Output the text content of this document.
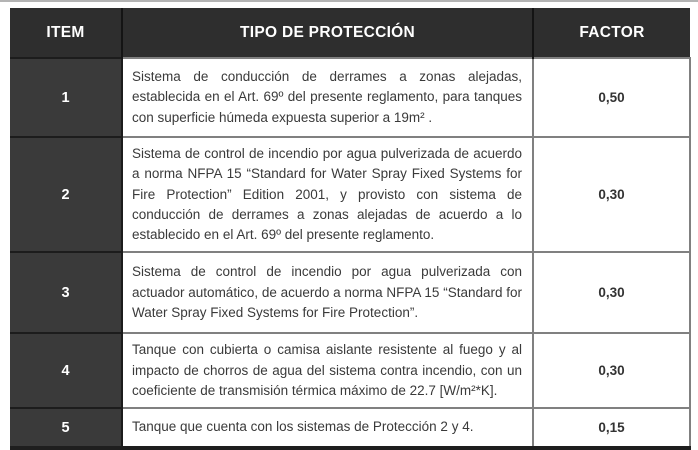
ITEM	TIPO DE PROTECCIÓN	FACTOR
1	Sistema de conducción de derrames a zonas alejadas, establecida en el Art. 69º del presente reglamento, para tanques con superficie húmeda expuesta superior a 19m² .	0,50
2	Sistema de control de incendio por agua pulverizada de acuerdo a norma NFPA 15 “Standard for Water Spray Fixed Systems for Fire Protection” Edition 2001, y provisto con sistema de conducción de derrames a zonas alejadas de acuerdo a lo establecido en el Art. 69º del presente reglamento.	0,30
3	Sistema de control de incendio por agua pulverizada con actuador automático, de acuerdo a norma NFPA 15 “Standard for Water Spray Fixed Systems for Fire Protection”.	0,30
4	Tanque con cubierta o camisa aislante resistente al fuego y al impacto de chorros de agua del sistema contra incendio, con un coeficiente de transmisión térmica máximo de 22.7 [W/m²*K].	0,30
5	Tanque que cuenta con los sistemas de Protección 2 y 4.	0,15
